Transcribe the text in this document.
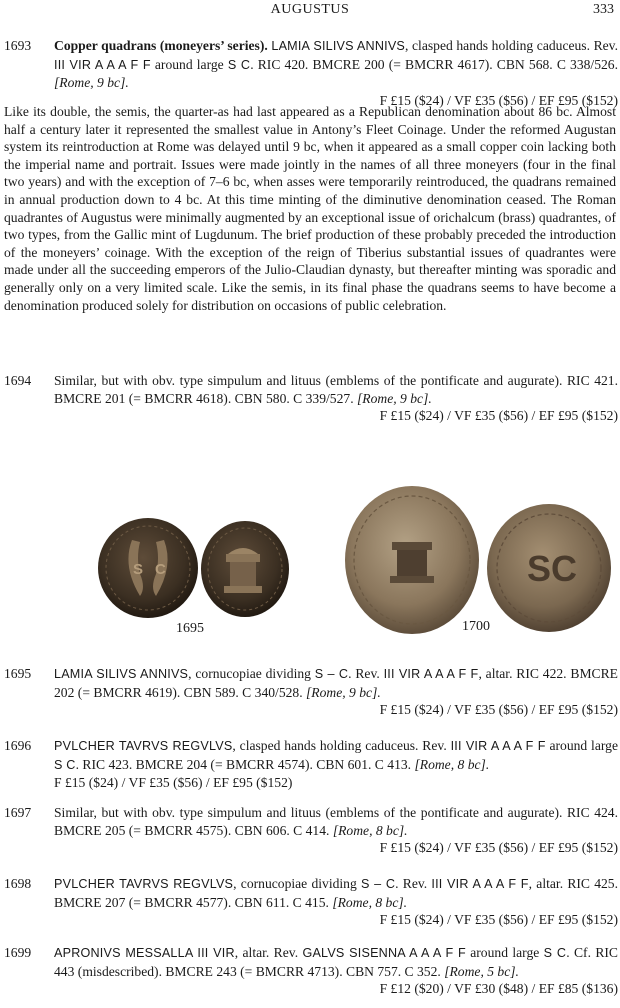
AUGUSTUS	333
1693	Copper quadrans (moneyers’ series). LAMIA SILIVS ANNIVS, clasped hands holding caduceus. Rev. III VIR A A A F F around large S C. RIC 420. BMCRE 200 (= BMCRR 4617). CBN 568. C 338/526. [Rome, 9 bc].
F £15 ($24) / VF £35 ($56) / EF £95 ($152)
Like its double, the semis, the quarter-as had last appeared as a Republican denomination about 86 bc. Almost half a century later it represented the smallest value in Antony’s Fleet Coinage. Under the reformed Augustan system its reintroduction at Rome was delayed until 9 bc, when it appeared as a small copper coin lacking both the imperial name and portrait. Issues were made jointly in the names of all three moneyers (four in the final two years) and with the exception of 7–6 bc, when asses were temporarily reintroduced, the quadrans remained in annual production down to 4 bc. At this time minting of the diminutive denomination ceased. The Roman quadrantes of Augustus were minimally augmented by an exceptional issue of orichalcum (brass) quadrantes, of two types, from the Gallic mint of Lugdunum. The brief production of these probably preceded the introduction of the moneyers’ coinage. With the exception of the reign of Tiberius substantial issues of quadrantes were made under all the succeeding emperors of the Julio-Claudian dynasty, but thereafter minting was sporadic and generally only on a very limited scale. Like the semis, in its final phase the quadrans seems to have become a denomination produced solely for distribution on occasions of public celebration.
1694	Similar, but with obv. type simpulum and lituus (emblems of the pontificate and augurate). RIC 421. BMCRE 201 (= BMCRR 4618). CBN 580. C 339/527. [Rome, 9 bc].
F £15 ($24) / VF £35 ($56) / EF £95 ($152)
S C	SC
1695	1700
1695	LAMIA SILIVS ANNIVS, cornucopiae dividing S – C. Rev. III VIR A A A F F, altar. RIC 422. BMCRE 202 (= BMCRR 4619). CBN 589. C 340/528. [Rome, 9 bc].
F £15 ($24) / VF £35 ($56) / EF £95 ($152)
1696	PVLCHER TAVRVS REGVLVS, clasped hands holding caduceus. Rev. III VIR A A A F F around large S C. RIC 423. BMCRE 204 (= BMCRR 4574). CBN 601. C 413. [Rome, 8 bc].
F £15 ($24) / VF £35 ($56) / EF £95 ($152)
1697	Similar, but with obv. type simpulum and lituus (emblems of the pontificate and augurate). RIC 424. BMCRE 205 (= BMCRR 4575). CBN 606. C 414. [Rome, 8 bc].
F £15 ($24) / VF £35 ($56) / EF £95 ($152)
1698	PVLCHER TAVRVS REGVLVS, cornucopiae dividing S – C. Rev. III VIR A A A F F, altar. RIC 425. BMCRE 207 (= BMCRR 4577). CBN 611. C 415. [Rome, 8 bc].
F £15 ($24) / VF £35 ($56) / EF £95 ($152)
1699	APRONIVS MESSALLA III VIR, altar. Rev. GALVS SISENNA A A A F F around large S C. Cf. RIC 443 (misdescribed). BMCRE 243 (= BMCRR 4713). CBN 757. C 352. [Rome, 5 bc].
F £12 ($20) / VF £30 ($48) / EF £85 ($136)
